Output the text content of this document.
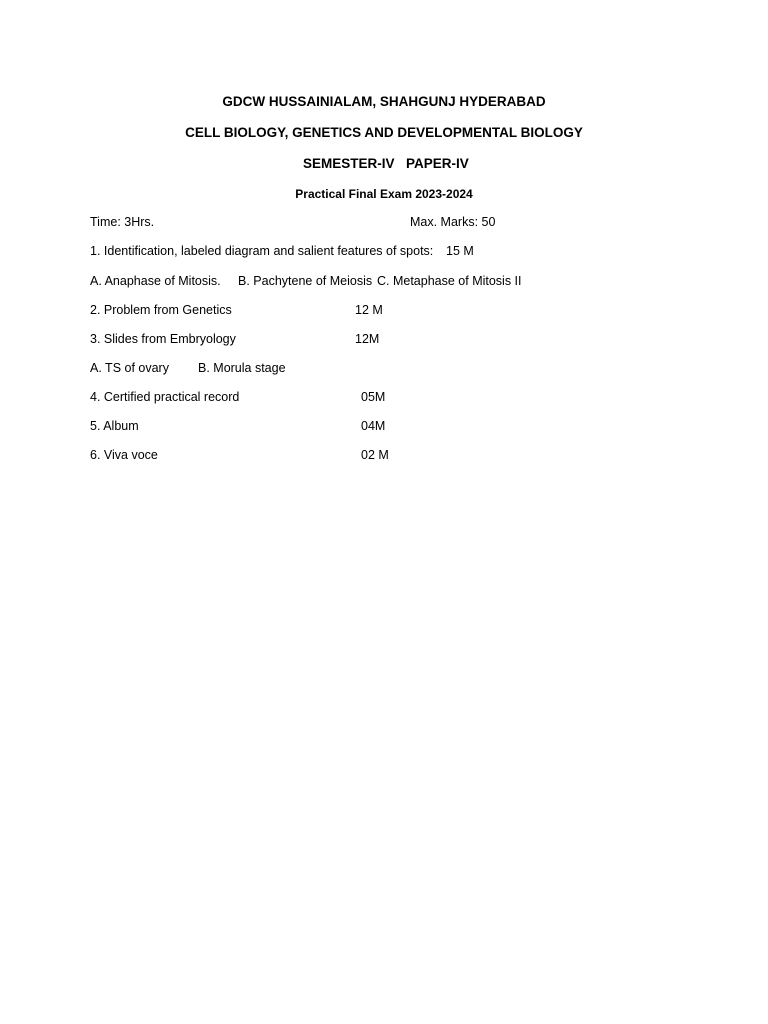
GDCW HUSSAINIALAM, SHAHGUNJ HYDERABAD
CELL BIOLOGY, GENETICS AND DEVELOPMENTAL BIOLOGY
SEMESTER-IV PAPER-IV
Practical Final Exam 2023-2024
Time: 3Hrs.	Max. Marks: 50
1. Identification, labeled diagram and salient features of spots: 15 M
A. Anaphase of Mitosis. B. Pachytene of Meiosis C. Metaphase of Mitosis II
2. Problem from Genetics	12 M
3. Slides from Embryology	12M
A. TS of ovary B. Morula stage
4. Certified practical record	05M
5. Album	04M
6. Viva voce	02 M
